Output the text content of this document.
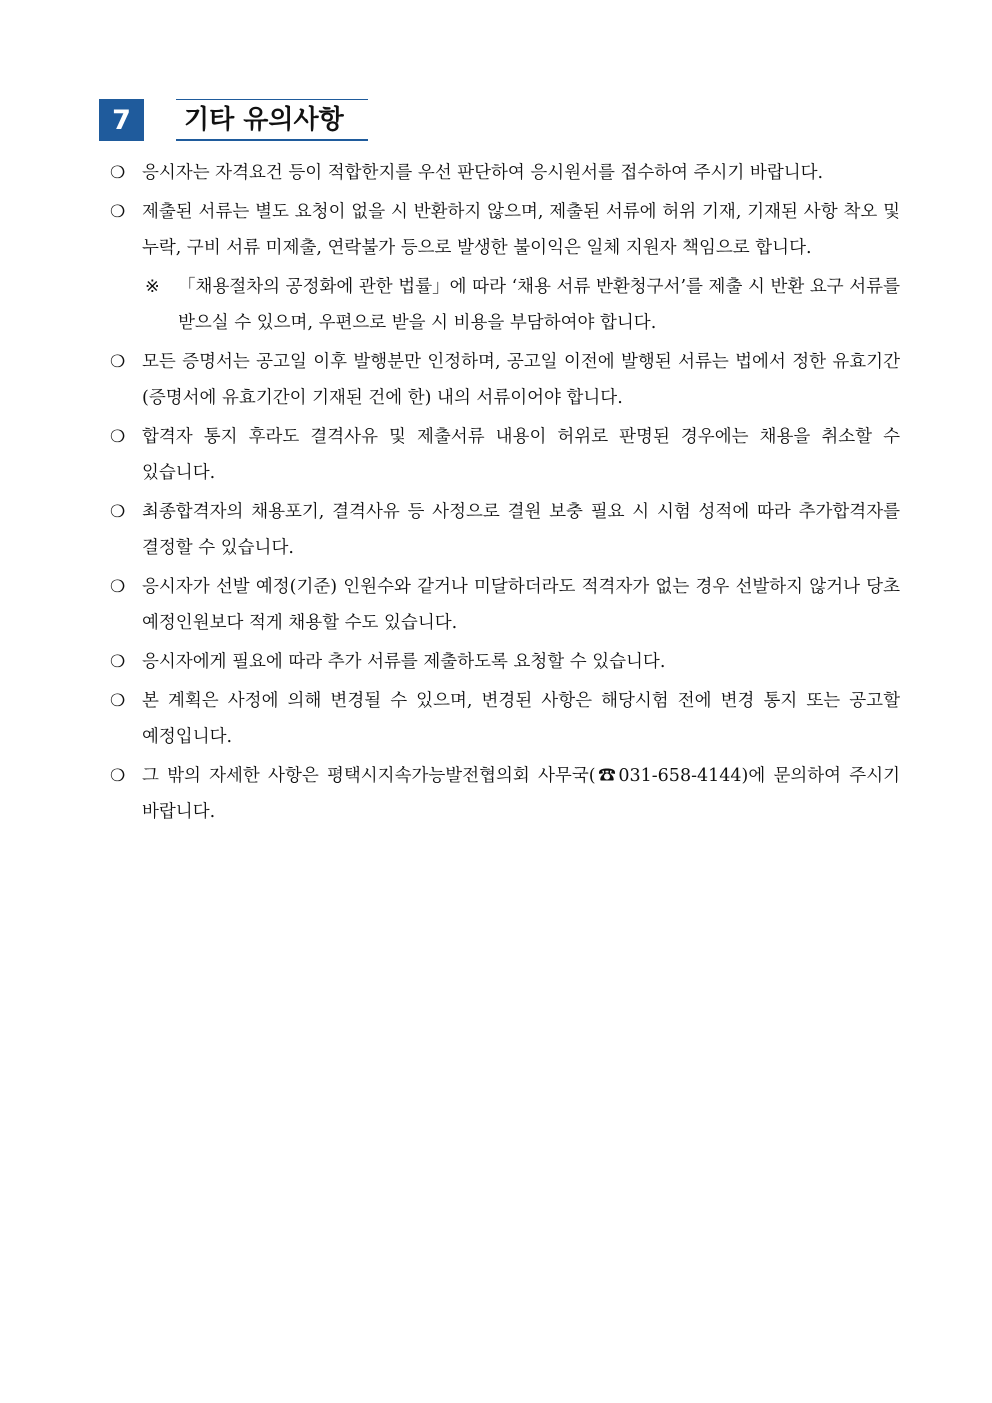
7	기타 유의사항
❍ 응시자는 자격요건 등이 적합한지를 우선 판단하여 응시원서를 접수하여 주시기 바랍니다.
❍ 제출된 서류는 별도 요청이 없을 시 반환하지 않으며, 제출된 서류에 허위 기재, 기재된 사항 착오 및 누락, 구비 서류 미제출, 연락불가 등으로 발생한 불이익은 일체 지원자 책임으로 합니다.
※ 「채용절차의 공정화에 관한 법률」에 따라 ‘채용 서류 반환청구서’를 제출 시 반환 요구 서류를 받으실 수 있으며, 우편으로 받을 시 비용을 부담하여야 합니다.
❍ 모든 증명서는 공고일 이후 발행분만 인정하며, 공고일 이전에 발행된 서류는 법에서 정한 유효기간(증명서에 유효기간이 기재된 건에 한) 내의 서류이어야 합니다.
❍ 합격자 통지 후라도 결격사유 및 제출서류 내용이 허위로 판명된 경우에는 채용을 취소할 수 있습니다.
❍ 최종합격자의 채용포기, 결격사유 등 사정으로 결원 보충 필요 시 시험 성적에 따라 추가합격자를 결정할 수 있습니다.
❍ 응시자가 선발 예정(기준) 인원수와 같거나 미달하더라도 적격자가 없는 경우 선발하지 않거나 당초 예정인원보다 적게 채용할 수도 있습니다.
❍ 응시자에게 필요에 따라 추가 서류를 제출하도록 요청할 수 있습니다.
❍ 본 계획은 사정에 의해 변경될 수 있으며, 변경된 사항은 해당시험 전에 변경 통지 또는 공고할 예정입니다.
❍ 그 밖의 자세한 사항은 평택시지속가능발전협의회 사무국(☎031-658-4144)에 문의하여 주시기 바랍니다.
